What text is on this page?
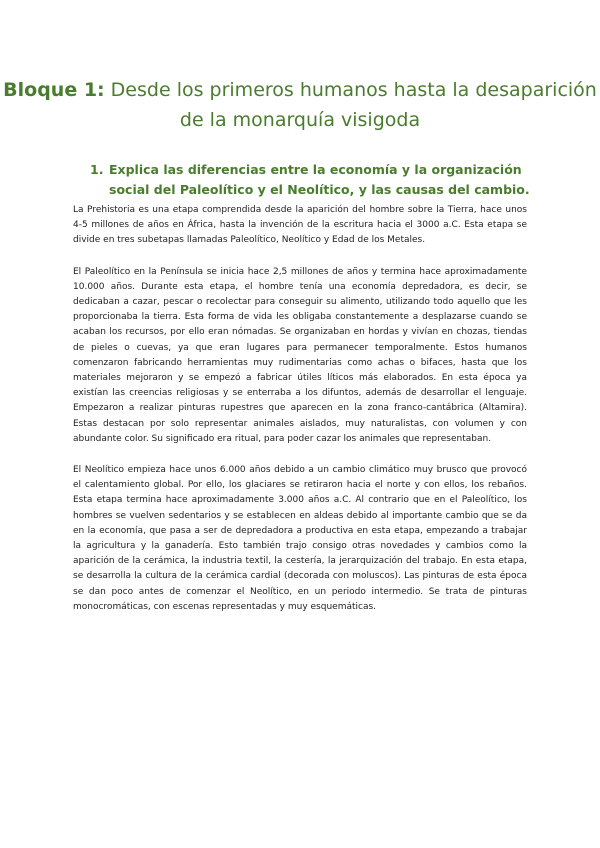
Bloque 1: Desde los primeros humanos hasta la desaparición de la monarquía visigoda
1. Explica las diferencias entre la economía y la organización social del Paleolítico y el Neolítico, y las causas del cambio.

La Prehistoria es una etapa comprendida desde la aparición del hombre sobre la Tierra, hace unos 4-5 millones de años en África, hasta la invención de la escritura hacia el 3000 a.C. Esta etapa se divide en tres subetapas llamadas Paleolítico, Neolítico y Edad de los Metales.

El Paleolítico en la Península se inicia hace 2,5 millones de años y termina hace aproximadamente 10.000 años. Durante esta etapa, el hombre tenía una economía depredadora, es decir, se dedicaban a cazar, pescar o recolectar para conseguir su alimento, utilizando todo aquello que les proporcionaba la tierra. Esta forma de vida les obligaba constantemente a desplazarse cuando se acaban los recursos, por ello eran nómadas. Se organizaban en hordas y vivían en chozas, tiendas de pieles o cuevas, ya que eran lugares para permanecer temporalmente. Estos humanos comenzaron fabricando herramientas muy rudimentarias como achas o bifaces, hasta que los materiales mejoraron y se empezó a fabricar útiles líticos más elaborados. En esta época ya existían las creencias religiosas y se enterraba a los difuntos, además de desarrollar el lenguaje. Empezaron a realizar pinturas rupestres que aparecen en la zona franco-cantábrica (Altamira). Estas destacan por solo representar animales aislados, muy naturalistas, con volumen y con abundante color. Su significado era ritual, para poder cazar los animales que representaban.

El Neolítico empieza hace unos 6.000 años debido a un cambio climático muy brusco que provocó el calentamiento global. Por ello, los glaciares se retiraron hacia el norte y con ellos, los rebaños. Esta etapa termina hace aproximadamente 3.000 años a.C. Al contrario que en el Paleolítico, los hombres se vuelven sedentarios y se establecen en aldeas debido al importante cambio que se da en la economía, que pasa a ser de depredadora a productiva en esta etapa, empezando a trabajar la agricultura y la ganadería. Esto también trajo consigo otras novedades y cambios como la aparición de la cerámica, la industria textil, la cestería, la jerarquización del trabajo. En esta etapa, se desarrolla la cultura de la cerámica cardial (decorada con moluscos). Las pinturas de esta época se dan poco antes de comenzar el Neolítico, en un periodo intermedio. Se trata de pinturas monocromáticas, con escenas representadas y muy esquemáticas.
